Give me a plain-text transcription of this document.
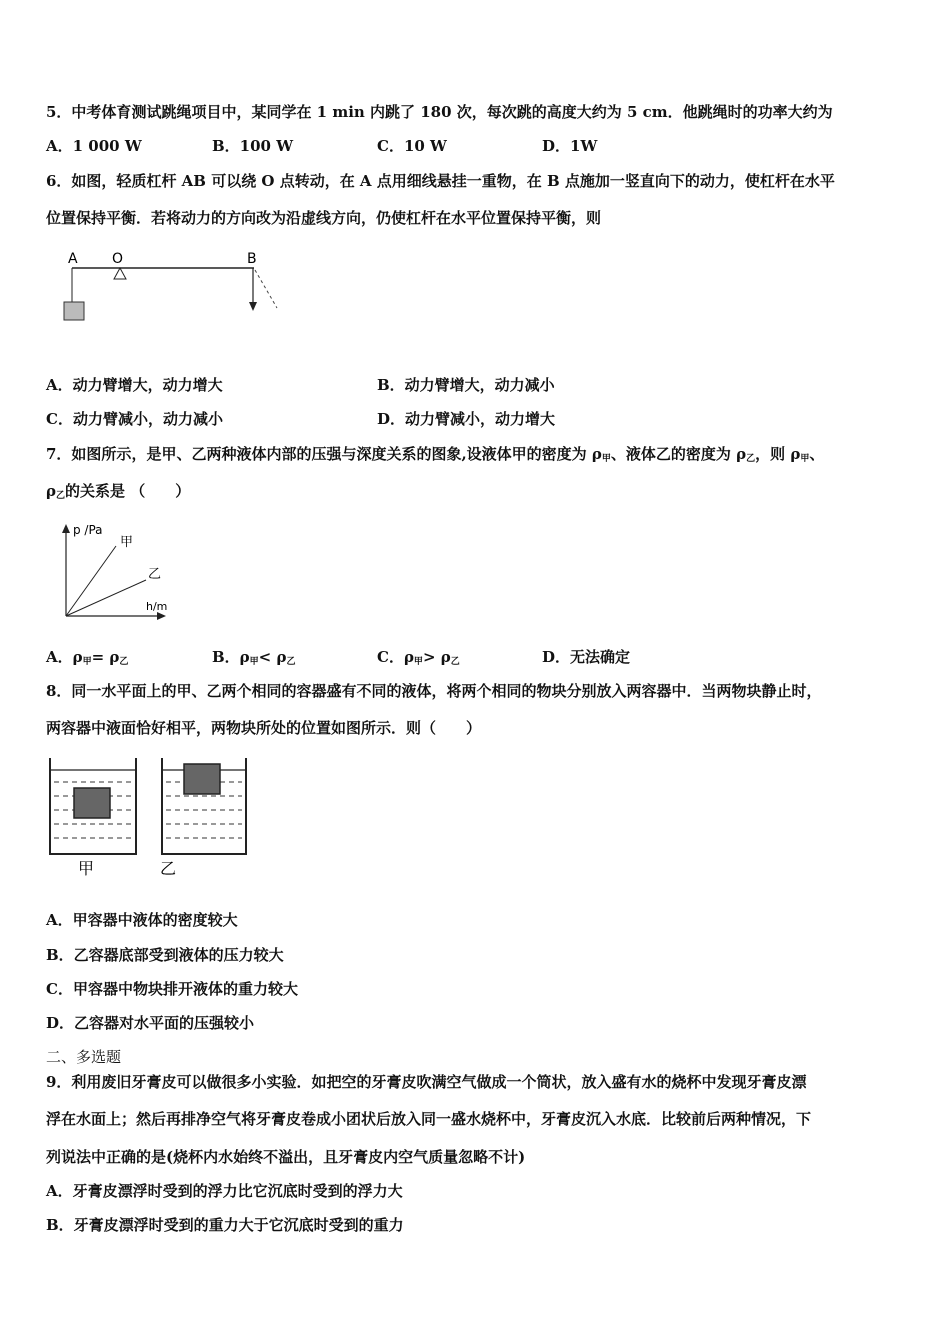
5．中考体育测试跳绳项目中，某同学在 1 min 内跳了 180 次，每次跳的高度大约为 5 cm．他跳绳时的功率大约为
A．1 000 W	B．100 W	C．10 W	D．1W
6．如图，轻质杠杆 AB 可以绕 O 点转动，在 A 点用细线悬挂一重物，在 B 点施加一竖直向下的动力，使杠杆在水平
位置保持平衡．若将动力的方向改为沿虚线方向，仍使杠杆在水平位置保持平衡，则
A O	B
A．动力臂增大，动力增大	B．动力臂增大，动力减小
C．动力臂减小，动力减小	D．动力臂减小，动力增大
7．如图所示，是甲、乙两种液体内部的压强与深度关系的图象,设液体甲的密度为 $\rho_甲$、液体乙的密度为 $\rho_乙$，则 $\rho_甲$、
$\rho_乙$的关系是 （　　）
p /Pa
h/m
甲
乙
A．$\rho_甲= \rho_乙$	B．$\rho_甲< \rho_乙$	C．$\rho_甲> \rho_乙$	D．无法确定
8．同一水平面上的甲、乙两个相同的容器盛有不同的液体，将两个相同的物块分别放入两容器中．当两物块静止时，
两容器中液面恰好相平，两物块所处的位置如图所示．则（　　）
甲	乙
A．甲容器中液体的密度较大
B．乙容器底部受到液体的压力较大
C．甲容器中物块排开液体的重力较大
D．乙容器对水平面的压强较小
二、多选题
9．利用废旧牙膏皮可以做很多小实验．如把空的牙膏皮吹满空气做成一个筒状，放入盛有水的烧杯中发现牙膏皮漂
浮在水面上；然后再排净空气将牙膏皮卷成小团状后放入同一盛水烧杯中，牙膏皮沉入水底．比较前后两种情况，下
列说法中正确的是(烧杯内水始终不溢出，且牙膏皮内空气质量忽略不计)
A．牙膏皮漂浮时受到的浮力比它沉底时受到的浮力大
B．牙膏皮漂浮时受到的重力大于它沉底时受到的重力
